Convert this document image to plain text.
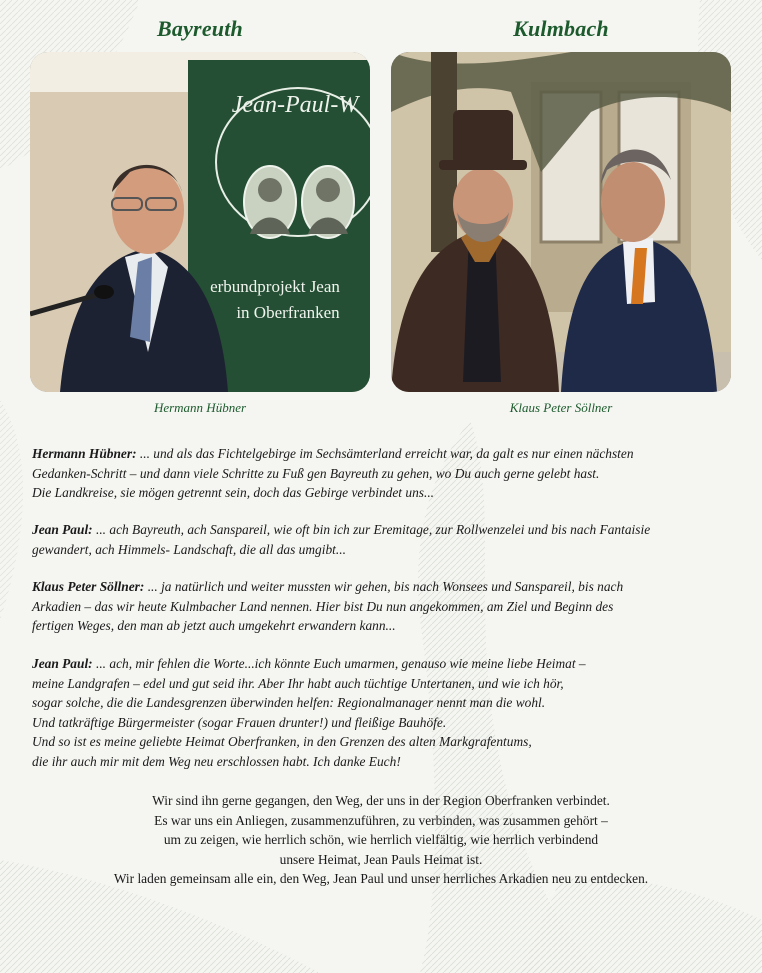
Bayreuth	Kulmbach
Jean-Paul-W
erbundprojekt Jean
in Oberfranken
Hermann Hübner	Klaus Peter Söllner

Hermann Hübner: ... und als das Fichtelgebirge im Sechsämterland erreicht war, da galt es nur einen nächsten

Gedanken-Schritt – und dann viele Schritte zu Fuß gen Bayreuth zu gehen, wo Du auch gerne gelebt hast.

Die Landkreise, sie mögen getrennt sein, doch das Gebirge verbindet uns...

Jean Paul: ... ach Bayreuth, ach Sanspareil, wie oft bin ich zur Eremitage, zur Rollwenzelei und bis nach Fantaisie

gewandert, ach Himmels- Landschaft, die all das umgibt...

Klaus Peter Söllner: ... ja natürlich und weiter mussten wir gehen, bis nach Wonsees und Sanspareil, bis nach

Arkadien – das wir heute Kulmbacher Land nennen. Hier bist Du nun angekommen, am Ziel und Beginn des

fertigen Weges, den man ab jetzt auch umgekehrt erwandern kann...

Jean Paul: ... ach, mir fehlen die Worte...ich könnte Euch umarmen, genauso wie meine liebe Heimat –

meine Landgrafen – edel und gut seid ihr. Aber Ihr habt auch tüchtige Untertanen, und wie ich hör,

sogar solche, die die Landesgrenzen überwinden helfen: Regionalmanager nennt man die wohl.

Und tatkräftige Bürgermeister (sogar Frauen drunter!) und fleißige Bauhöfe.

Und so ist es meine geliebte Heimat Oberfranken, in den Grenzen des alten Markgrafentums,

die ihr auch mir mit dem Weg neu erschlossen habt. Ich danke Euch!

Wir sind ihn gerne gegangen, den Weg, der uns in der Region Oberfranken verbindet.

Es war uns ein Anliegen, zusammenzuführen, zu verbinden, was zusammen gehört –

um zu zeigen, wie herrlich schön, wie herrlich vielfältig, wie herrlich verbindend

unsere Heimat, Jean Pauls Heimat ist.

Wir laden gemeinsam alle ein, den Weg, Jean Paul und unser herrliches Arkadien neu zu entdecken.
